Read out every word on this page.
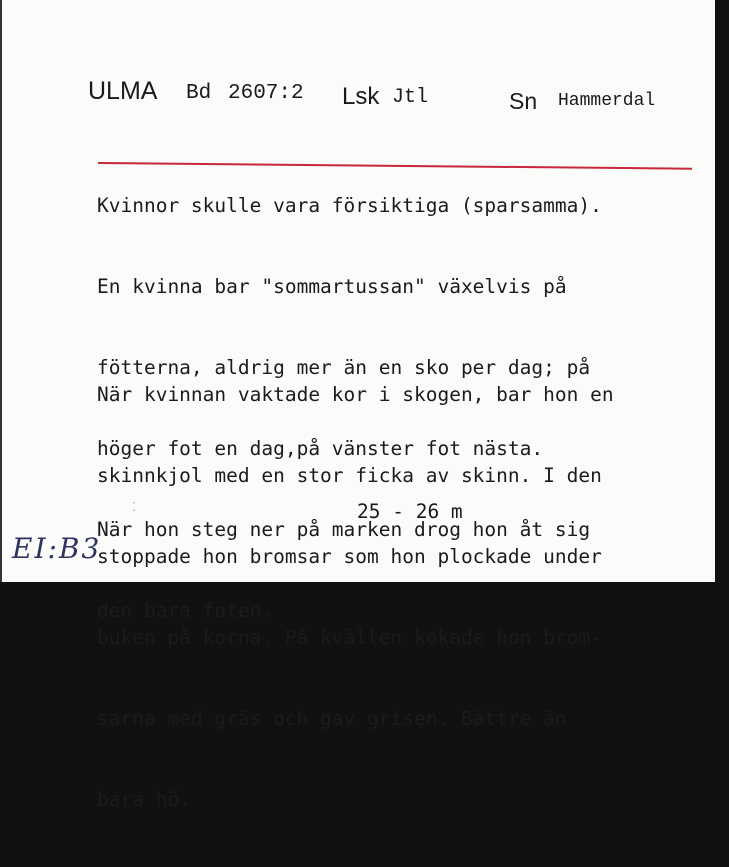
ULMA Bd 2607:2 Lsk Jtl	Sn Hammerdal

Kvinnor skulle vara försiktiga (sparsamma).

En kvinna bar "sommartussan" växelvis på

fötterna, aldrig mer än en sko per dag; på

höger fot en dag,på vänster fot nästa.

När hon steg ner på marken drog hon åt sig

den bara foten.

När kvinnan vaktade kor i skogen, bar hon en

skinnkjol med en stor ficka av skinn. I den

stoppade hon bromsar som hon plockade under

buken på korna. På kvällen kokade hon brom-

sarna med gräs och gav grisen. Bättre än

bara hö.

⁚	25 - 26 m
EI:B3
